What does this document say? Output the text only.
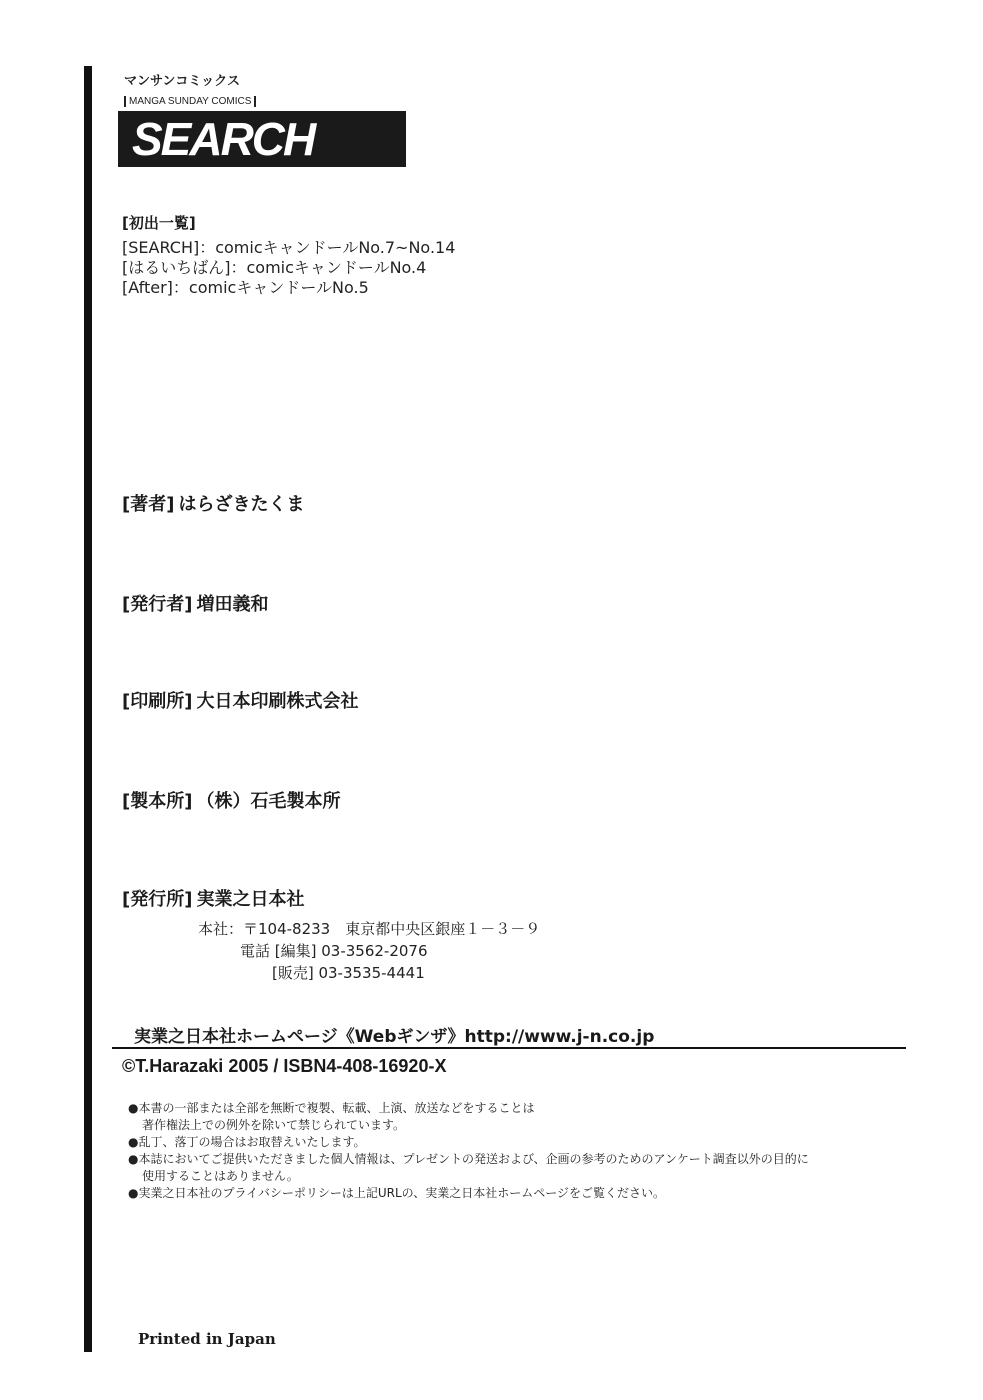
マンサンコミックス
MANGA SUNDAY COMICS
SEARCH
[初出一覧]
[SEARCH]：comicキャンドールNo.7~No.14
[はるいちばん]：comicキャンドールNo.4
[After]：comicキャンドールNo.5
[著者] はらざきたくま
[発行者] 増田義和
[印刷所] 大日本印刷株式会社
[製本所] （株）石毛製本所
[発行所] 実業之日本社
本社：〒104-8233　東京都中央区銀座１－３－９
電話 [編集] 03-3562-2076
[販売] 03-3535-4441
実業之日本社ホームページ《Webギンザ》http://www.j-n.co.jp
©T.Harazaki 2005 / ISBN4-408-16920-X
●本書の一部または全部を無断で複製、転載、上演、放送などをすることは
著作権法上での例外を除いて禁じられています。
●乱丁、落丁の場合はお取替えいたします。
●本誌においてご提供いただきました個人情報は、プレゼントの発送および、企画の参考のためのアンケート調査以外の目的に
使用することはありません。
●実業之日本社のプライバシーポリシーは上記URLの、実業之日本社ホームページをご覧ください。
Printed in Japan
